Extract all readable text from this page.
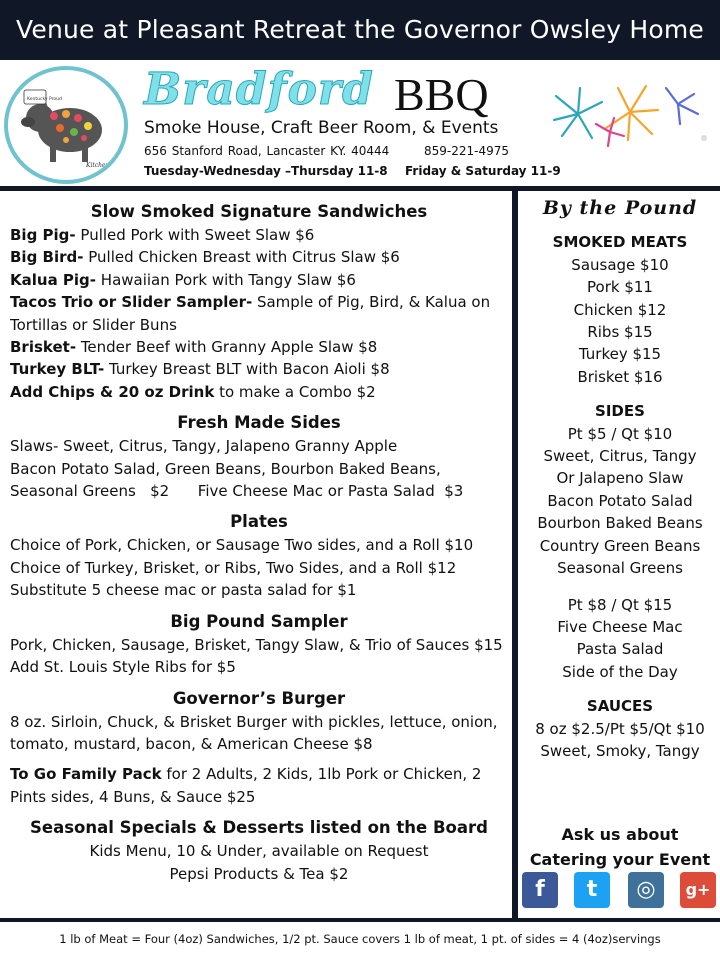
Venue at Pleasant Retreat the Governor Owsley Home
Kentucky Proud
Kitchen Pig
Bradford BBQ
Smoke House, Craft Beer Room, & Events
656 Stanford Road, Lancaster KY. 40444	859-221-4975
Tuesday-Wednesday –Thursday 11-8 Friday & Saturday 11-9

Slow Smoked Signature Sandwiches

Big Pig- Pulled Pork with Sweet Slaw $6

Big Bird- Pulled Chicken Breast with Citrus Slaw $6

Kalua Pig- Hawaiian Pork with Tangy Slaw $6

Tacos Trio or Slider Sampler- Sample of Pig, Bird, & Kalua on Tortillas or Slider Buns

Brisket- Tender Beef with Granny Apple Slaw $8

Turkey BLT- Turkey Breast BLT with Bacon Aioli $8

Add Chips & 20 oz Drink to make a Combo $2

Fresh Made Sides

Slaws- Sweet, Citrus, Tangy, Jalapeno Granny Apple

Bacon Potato Salad, Green Beans, Bourbon Baked Beans,

Seasonal Greens   $2      Five Cheese Mac or Pasta Salad  $3

Plates

Choice of Pork, Chicken, or Sausage Two sides, and a Roll $10

Choice of Turkey, Brisket, or Ribs, Two Sides, and a Roll $12

Substitute 5 cheese mac or pasta salad for $1

Big Pound Sampler

Pork, Chicken, Sausage, Brisket, Tangy Slaw, & Trio of Sauces $15

Add St. Louis Style Ribs for $5

Governor’s Burger

8 oz. Sirloin, Chuck, & Brisket Burger with pickles, lettuce, onion, tomato, mustard, bacon, & American Cheese $8

To Go Family Pack for 2 Adults, 2 Kids, 1lb Pork or Chicken, 2 Pints sides, 4 Buns, & Sauce $25

Seasonal Specials & Desserts listed on the Board

Kids Menu, 10 & Under, available on Request

Pepsi Products & Tea $2

By the Pound
SMOKED MEATS

Sausage $10

Pork $11

Chicken $12

Ribs $15

Turkey $15

Brisket $16

SIDES

Pt $5 / Qt $10

Sweet, Citrus, Tangy

Or Jalapeno Slaw

Bacon Potato Salad

Bourbon Baked Beans

Country Green Beans

Seasonal Greens

Pt $8 / Qt $15

Five Cheese Mac

Pasta Salad

Side of the Day

SAUCES

8 oz $2.5/Pt $5/Qt $10

Sweet, Smoky, Tangy

Ask us about
Catering your Event
f	t	◎	g+
1 lb of Meat = Four (4oz) Sandwiches, 1/2 pt. Sauce covers 1 lb of meat, 1 pt. of sides = 4 (4oz)servings
